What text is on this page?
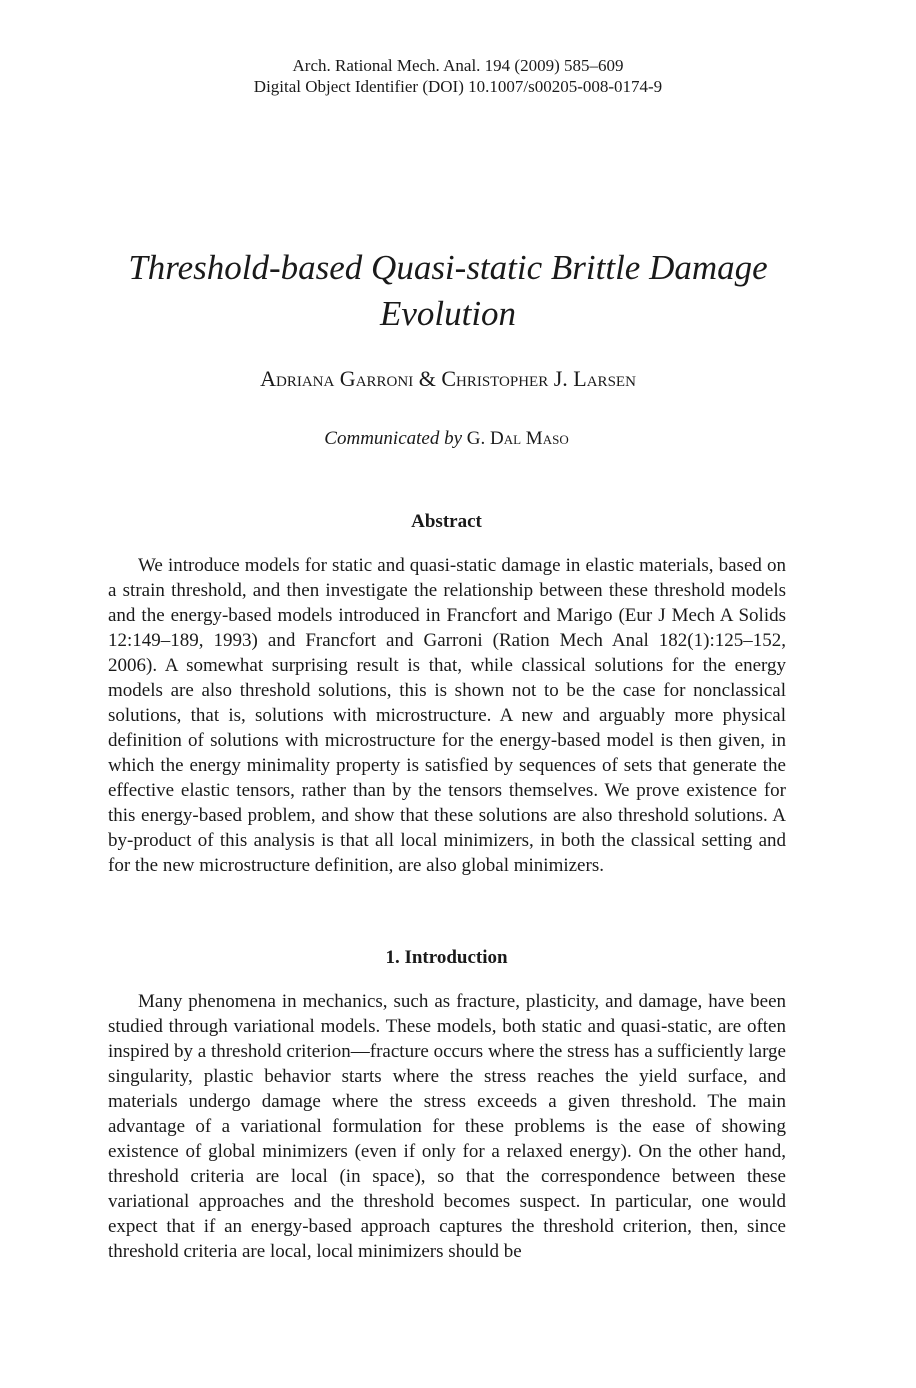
Arch. Rational Mech. Anal. 194 (2009) 585–609
Digital Object Identifier (DOI) 10.1007/s00205-008-0174-9
Threshold-based Quasi-static Brittle Damage Evolution
Adriana Garroni & Christopher J. Larsen
Communicated by G. Dal Maso
Abstract

We introduce models for static and quasi-static damage in elastic materials, based on a strain threshold, and then investigate the relationship between these threshold models and the energy-based models introduced in Francfort and Marigo (Eur J Mech A Solids 12:149–189, 1993) and Francfort and Garroni (Ration Mech Anal 182(1):125–152, 2006). A somewhat surprising result is that, while classical solutions for the energy models are also threshold solutions, this is shown not to be the case for nonclassical solutions, that is, solutions with microstructure. A new and arguably more physical definition of solutions with microstructure for the energy-based model is then given, in which the energy minimality property is satisfied by sequences of sets that generate the effective elastic tensors, rather than by the tensors themselves. We prove existence for this energy-based problem, and show that these solutions are also threshold solutions. A by-product of this analysis is that all local minimizers, in both the classical setting and for the new microstructure definition, are also global minimizers.

1. Introduction

Many phenomena in mechanics, such as fracture, plasticity, and damage, have been studied through variational models. These models, both static and quasi-static, are often inspired by a threshold criterion—fracture occurs where the stress has a sufficiently large singularity, plastic behavior starts where the stress reaches the yield surface, and materials undergo damage where the stress exceeds a given threshold. The main advantage of a variational formulation for these problems is the ease of showing existence of global minimizers (even if only for a relaxed energy). On the other hand, threshold criteria are local (in space), so that the correspondence between these variational approaches and the threshold becomes suspect. In particular, one would expect that if an energy-based approach captures the threshold criterion, then, since threshold criteria are local, local minimizers should be
